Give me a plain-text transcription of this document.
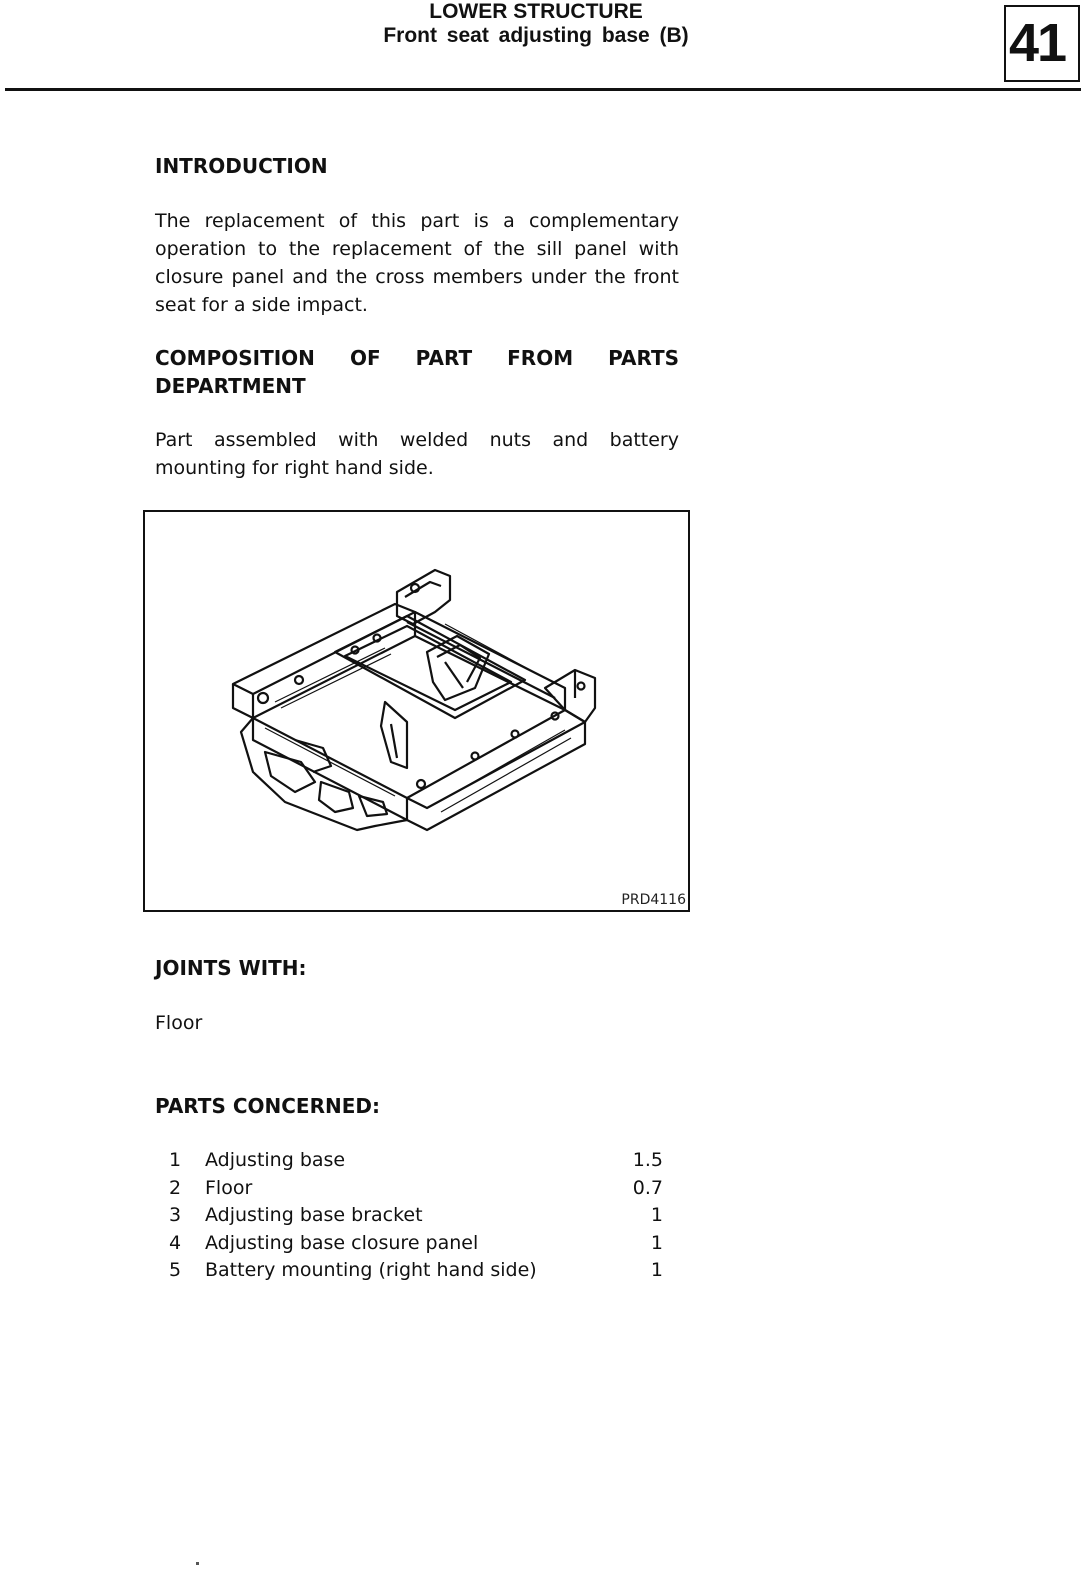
LOWER STRUCTURE
Front seat adjusting base (B)	41

INTRODUCTION

The replacement of this part is a complementary operation to the replacement of the sill panel with closure panel and the cross members under the front seat for a side impact.

COMPOSITION OF PART FROM PARTS DEPARTMENT

Part assembled with welded nuts and battery mounting for right hand side.

PRD4116

JOINTS WITH:

Floor

PARTS CONCERNED:

1	Adjusting base	1.5
2	Floor	0.7
3	Adjusting base bracket	1
4	Adjusting base closure panel	1
5	Battery mounting (right hand side)	1
